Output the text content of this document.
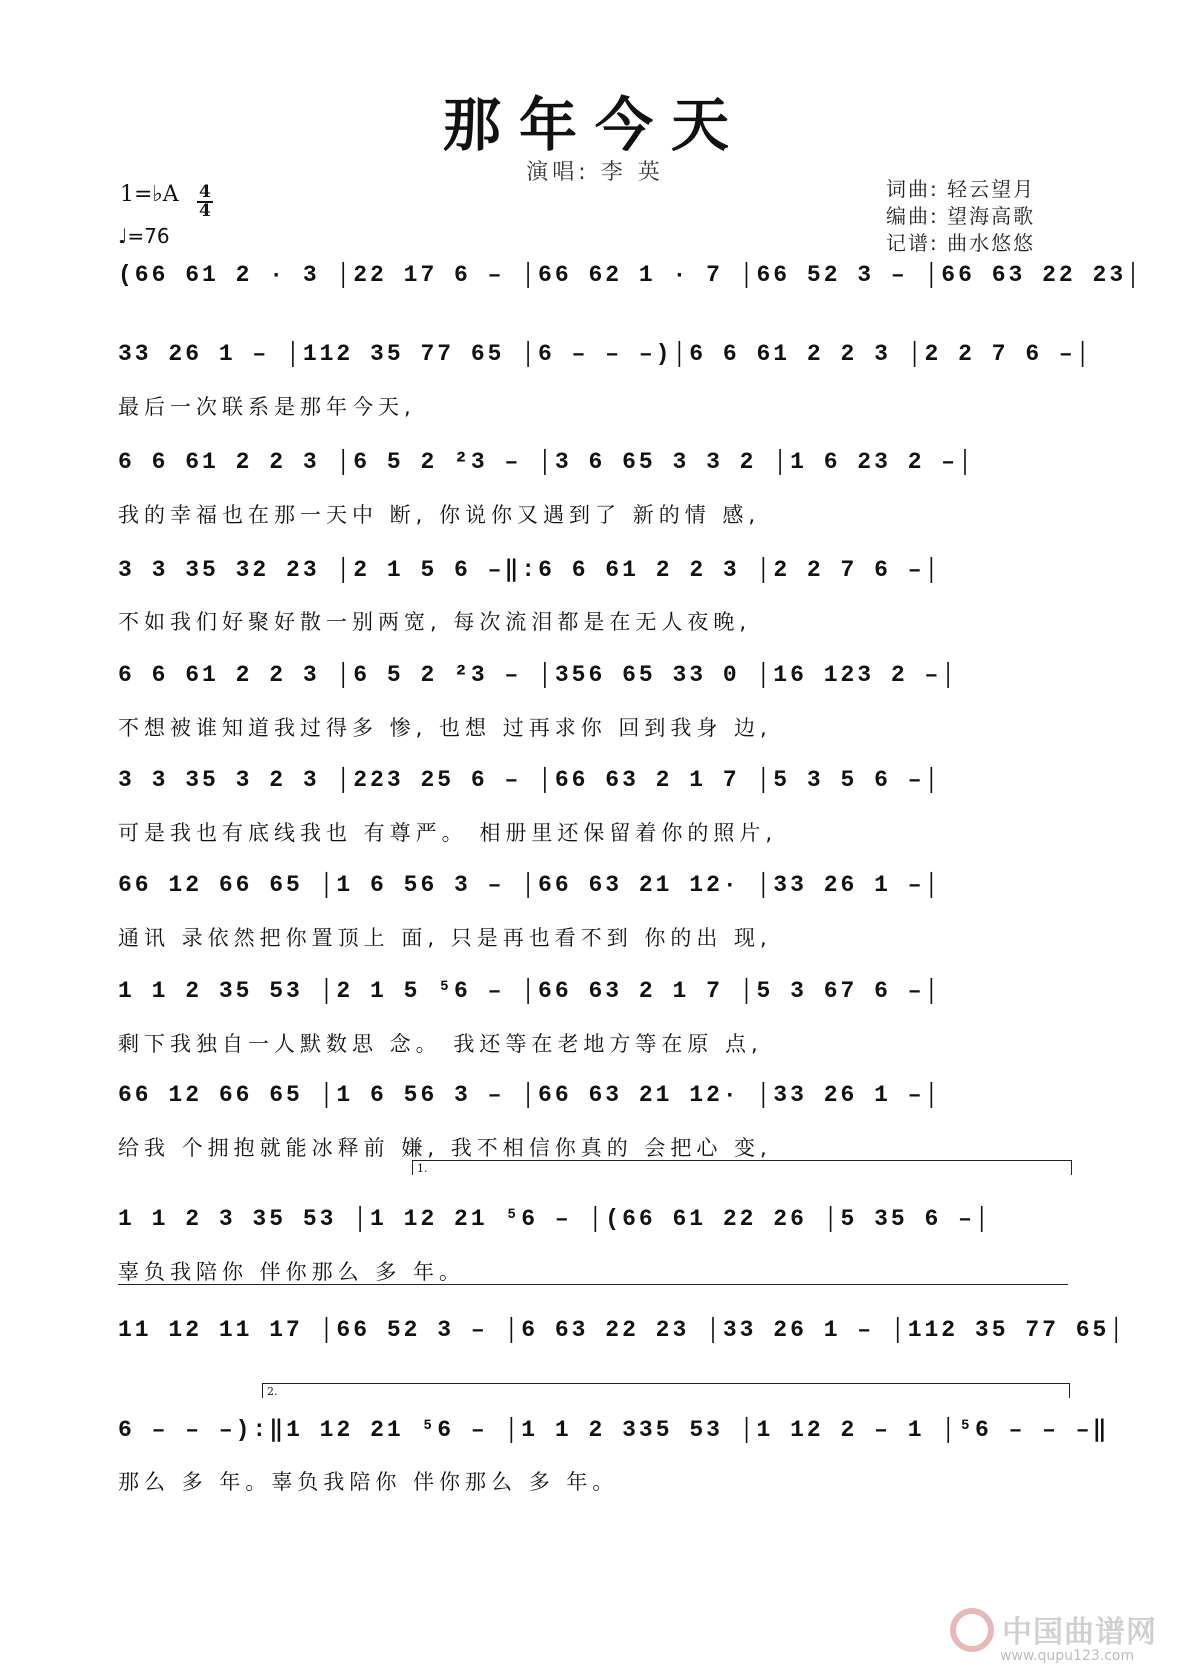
那年今天
演唱: 李 英
1=♭A $\frac{4}{4}$
♩=76
词曲: 轻云望月
编曲: 望海高歌
记谱: 曲水悠悠
(66 61 2 · 3 │22 17 6 – │66 62 1 · 7 │66 52 3 – │66 63 22 23│
33 26 1 – │112 35 77 65 │6 – – –)│6 6 61 2 2 3 │2 2 7 6 –│
最后一次联系是那年今天,
6 6 61 2 2 3 │6 5 2 ²3 – │3 6 65 3 3 2 │1 6 23 2 –│
我的幸福也在那一天中 断, 你说你又遇到了 新的情 感,
3 3 35 32 23 │2 1 5 6 –‖:6 6 61 2 2 3 │2 2 7 6 –│
不如我们好聚好散一别两宽, 每次流泪都是在无人夜晚,
6 6 61 2 2 3 │6 5 2 ²3 – │356 65 33 0 │16 123 2 –│
不想被谁知道我过得多 惨, 也想 过再求你 回到我身 边,
3 3 35 3 2 3 │223 25 6 – │66 63 2 1 7 │5 3 5 6 –│
可是我也有底线我也 有尊严。 相册里还保留着你的照片,
66 12 66 65 │1 6 56 3 – │66 63 21 12· │33 26 1 –│
通讯 录依然把你置顶上 面, 只是再也看不到 你的出 现,
1 1 2 35 53 │2 1 5 ⁵6 – │66 63 2 1 7 │5 3 67 6 –│
剩下我独自一人默数思 念。 我还等在老地方等在原 点,
66 12 66 65 │1 6 56 3 – │66 63 21 12· │33 26 1 –│
给我 个拥抱就能冰释前 嫌, 我不相信你真的 会把心 变,
1.
1 1 2 3 35 53 │1 12 21 ⁵6 – │(66 61 22 26 │5 35 6 –│
辜负我陪你 伴你那么 多 年。
11 12 11 17 │66 52 3 – │6 63 22 23 │33 26 1 – │112 35 77 65│
2.
6 – – –):‖1 12 21 ⁵6 – │1 1 2 335 53 │1 12 2 – 1 │⁵6 – – –‖
那么 多 年。辜负我陪你 伴你那么 多 年。
中国曲谱网
www.qupu123.com
